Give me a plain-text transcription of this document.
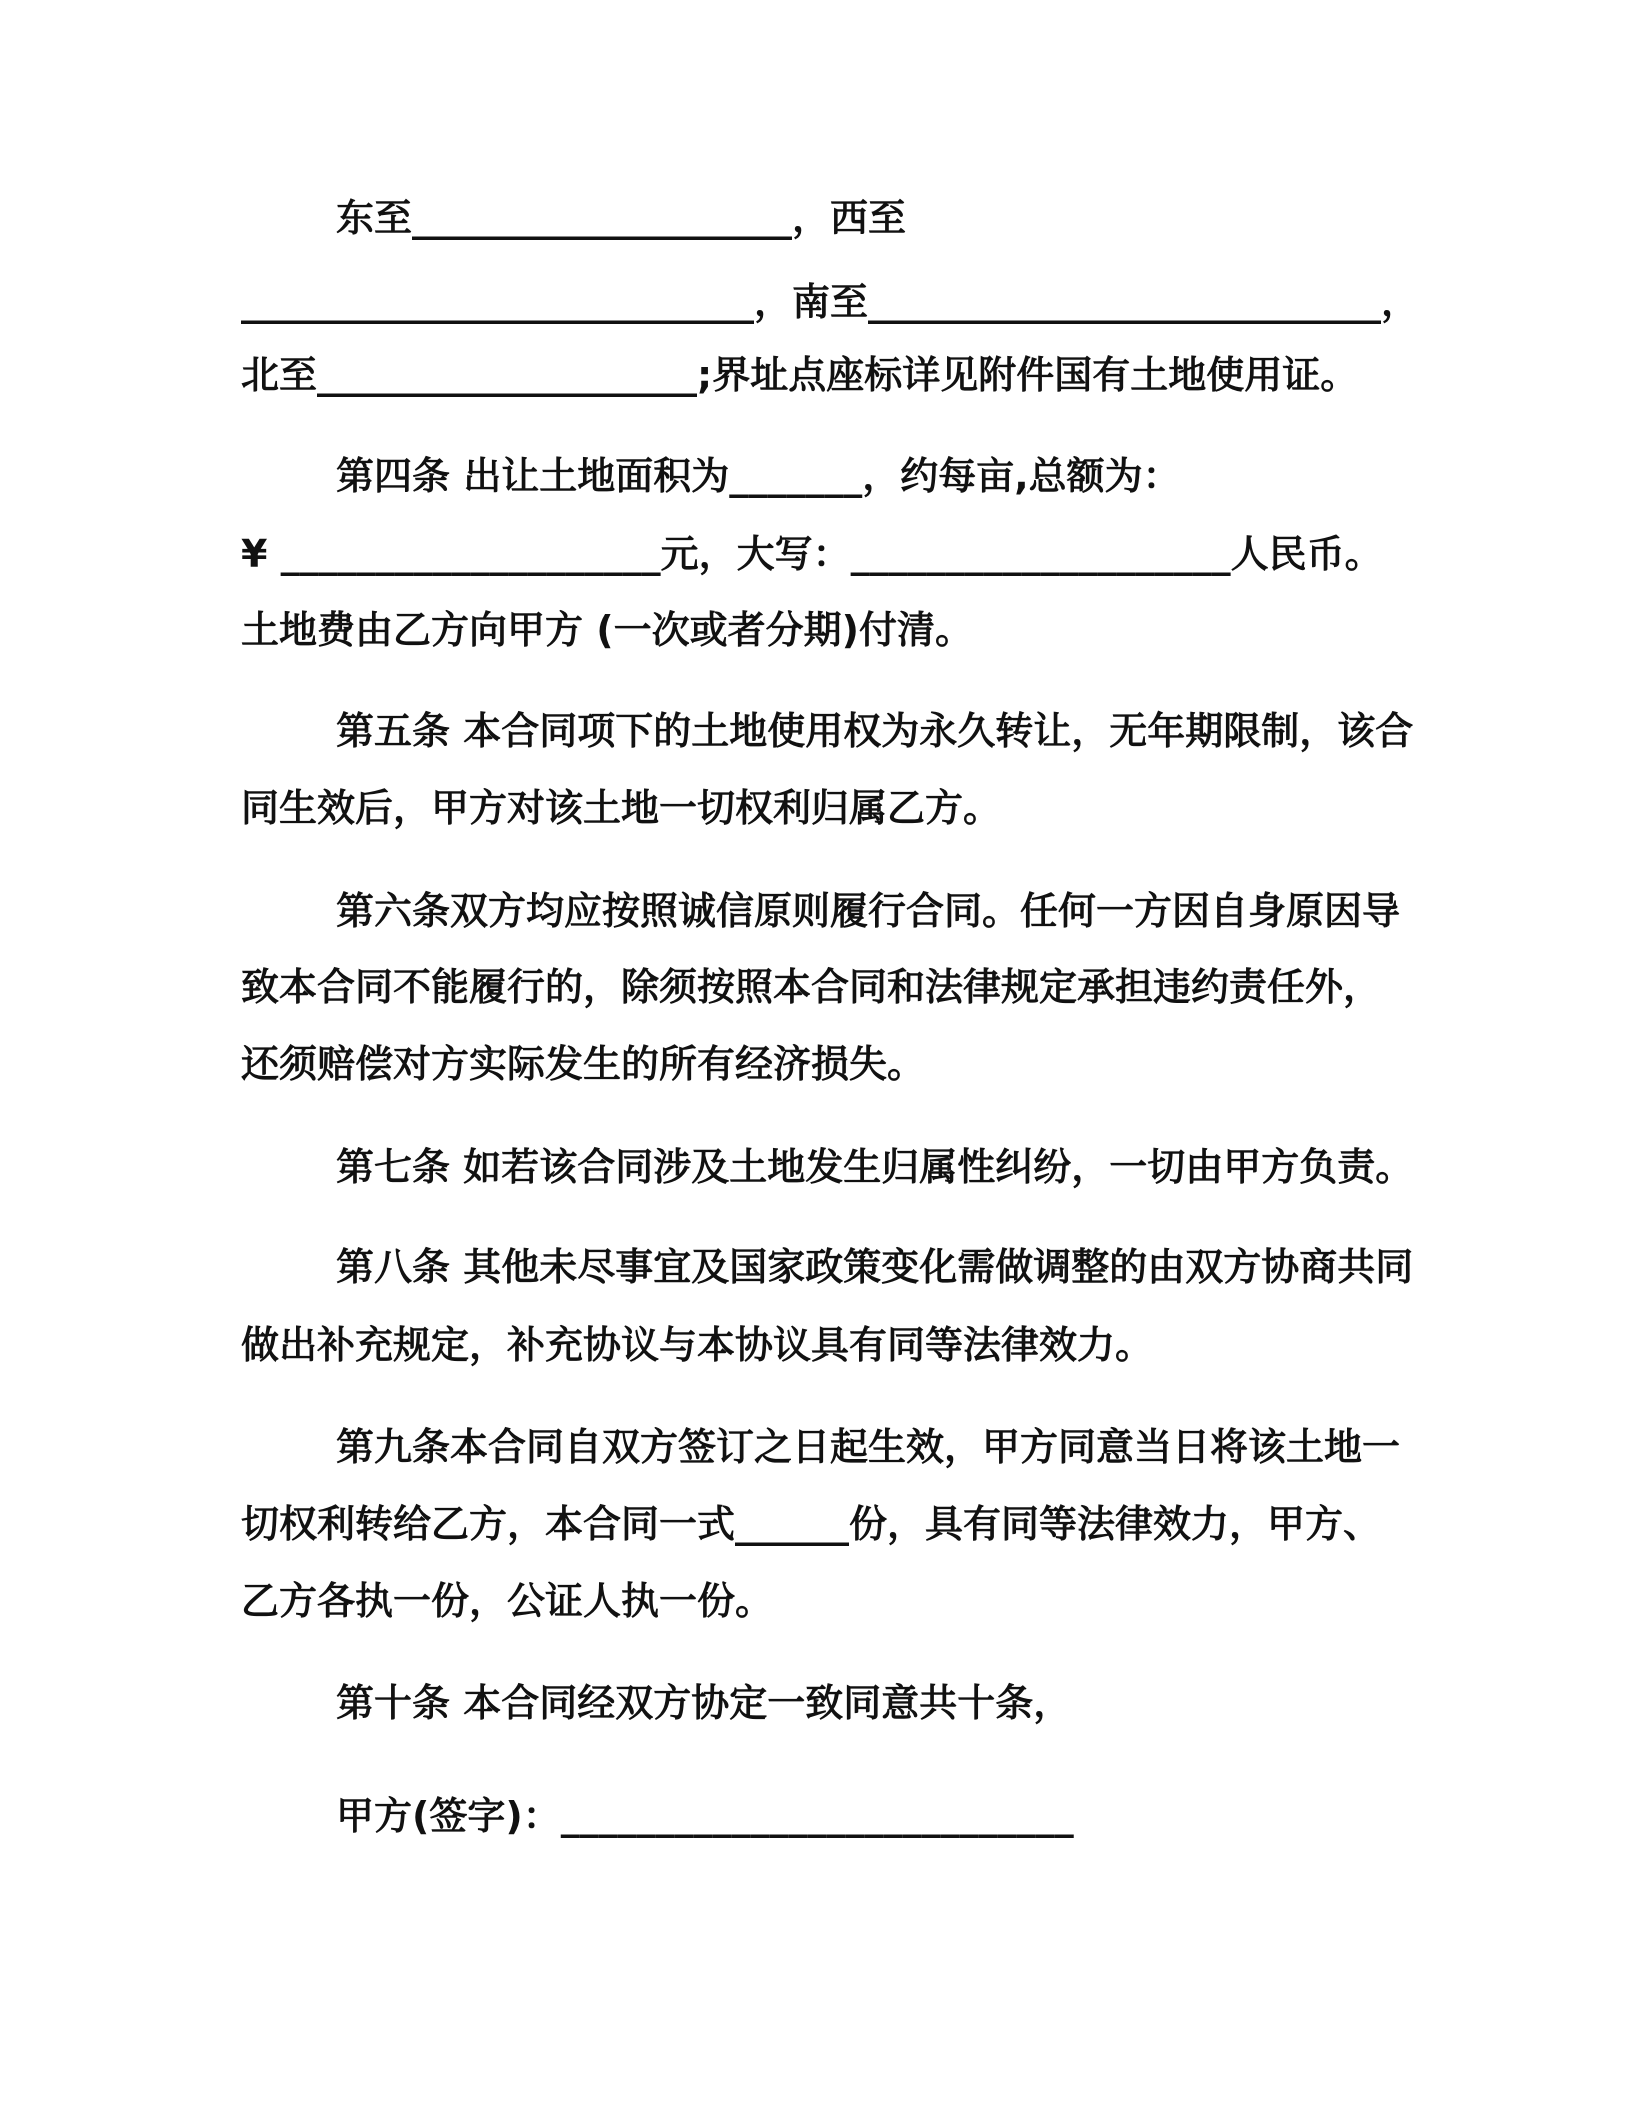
东至____________________，西至
___________________________，南至___________________________，
北至____________________;界址点座标详见附件国有土地使用证。
第四条 出让土地面积为_______，约每亩,总额为：
¥ ____________________元，大写：____________________人民币。
土地费由乙方向甲方 (一次或者分期)付清。
第五条 本合同项下的土地使用权为永久转让，无年期限制，该合
同生效后，甲方对该土地一切权利归属乙方。
第六条双方均应按照诚信原则履行合同。任何一方因自身原因导
致本合同不能履行的，除须按照本合同和法律规定承担违约责任外，
还须赔偿对方实际发生的所有经济损失。
第七条 如若该合同涉及土地发生归属性纠纷，一切由甲方负责。
第八条 其他未尽事宜及国家政策变化需做调整的由双方协商共同
做出补充规定，补充协议与本协议具有同等法律效力。
第九条本合同自双方签订之日起生效，甲方同意当日将该土地一
切权利转给乙方，本合同一式______份，具有同等法律效力，甲方、
乙方各执一份，公证人执一份。
第十条 本合同经双方协定一致同意共十条，
甲方(签字)：___________________________
